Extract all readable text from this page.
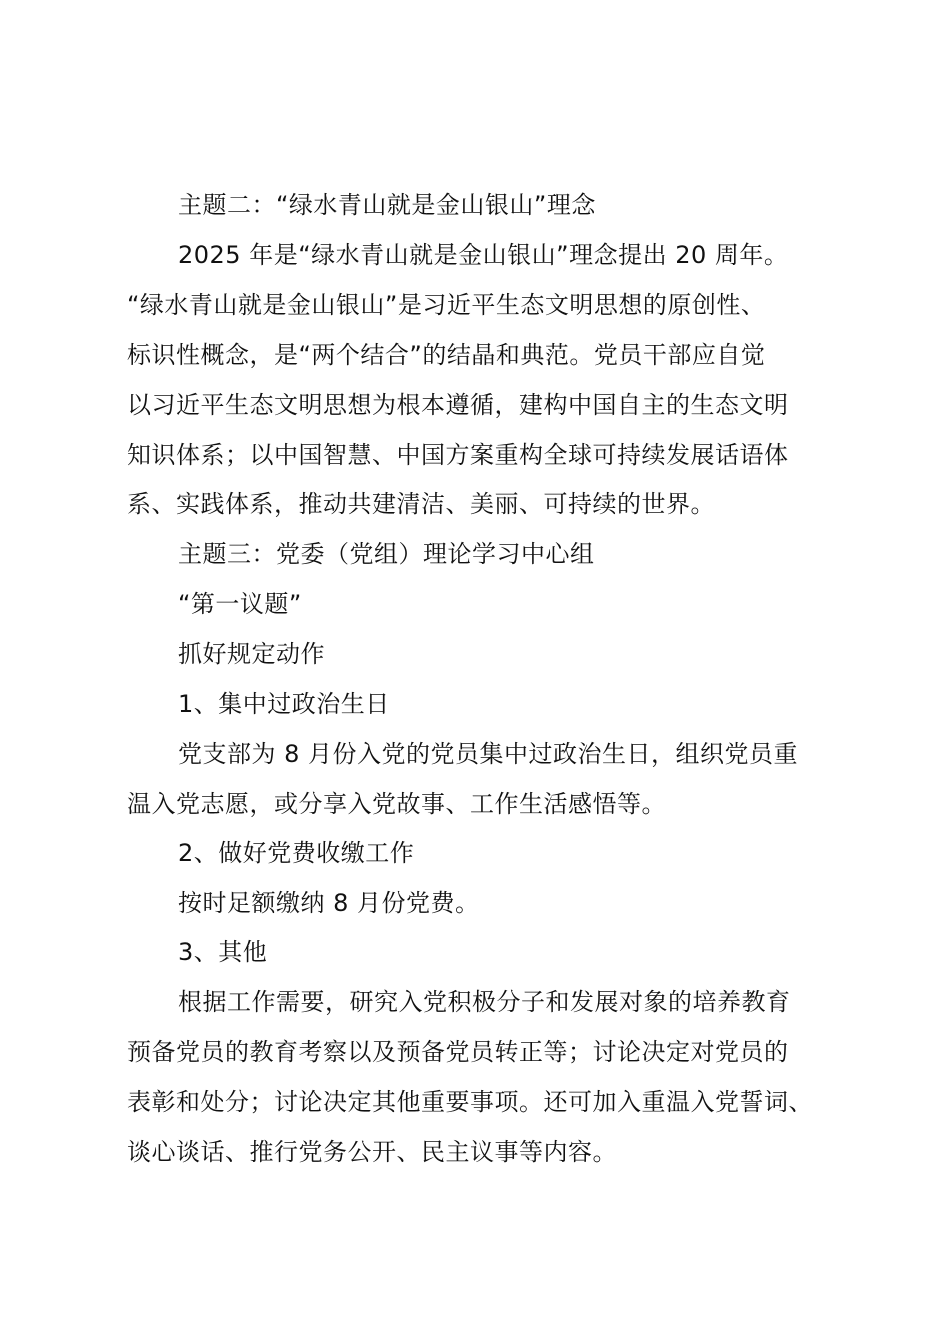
主题二：“绿水青山就是金山银山”理念
2025 年是“绿水青山就是金山银山”理念提出 20 周年。
“绿水青山就是金山银山”是习近平生态文明思想的原创性、
标识性概念，是“两个结合”的结晶和典范。党员干部应自觉
以习近平生态文明思想为根本遵循，建构中国自主的生态文明
知识体系；以中国智慧、中国方案重构全球可持续发展话语体
系、实践体系，推动共建清洁、美丽、可持续的世界。
主题三：党委（党组）理论学习中心组
“第一议题”
抓好规定动作
1、集中过政治生日
党支部为 8 月份入党的党员集中过政治生日，组织党员重
温入党志愿，或分享入党故事、工作生活感悟等。
2、做好党费收缴工作
按时足额缴纳 8 月份党费。
3、其他
根据工作需要，研究入党积极分子和发展对象的培养教育
预备党员的教育考察以及预备党员转正等；讨论决定对党员的
表彰和处分；讨论决定其他重要事项。还可加入重温入党誓词、
谈心谈话、推行党务公开、民主议事等内容。
